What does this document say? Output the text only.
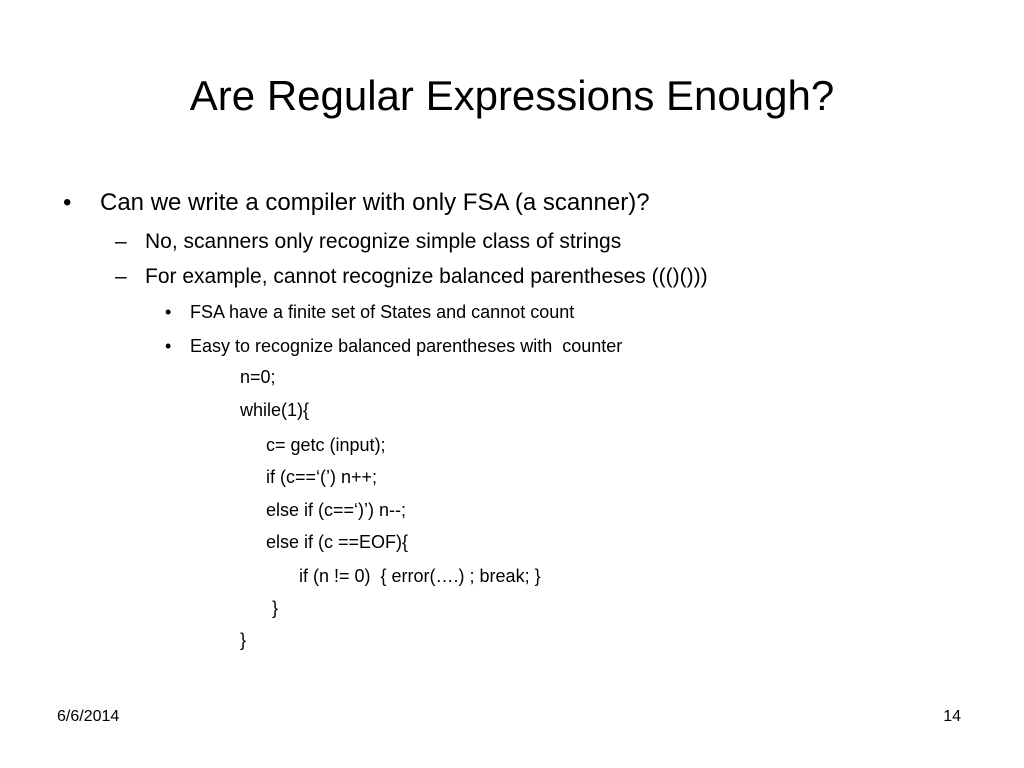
Are Regular Expressions Enough?
• Can we write a compiler with only FSA (a scanner)?
– No, scanners only recognize simple class of strings
– For example, cannot recognize balanced parentheses ((()()))
• FSA have a finite set of States and cannot count
• Easy to recognize balanced parentheses with  counter
n=0;
while(1){
c= getc (input);
if (c==‘(’) n++;
else if (c==‘)’) n--;
else if (c ==EOF){
if (n != 0)  { error(….) ; break; }
}
}
6/6/2014	14
